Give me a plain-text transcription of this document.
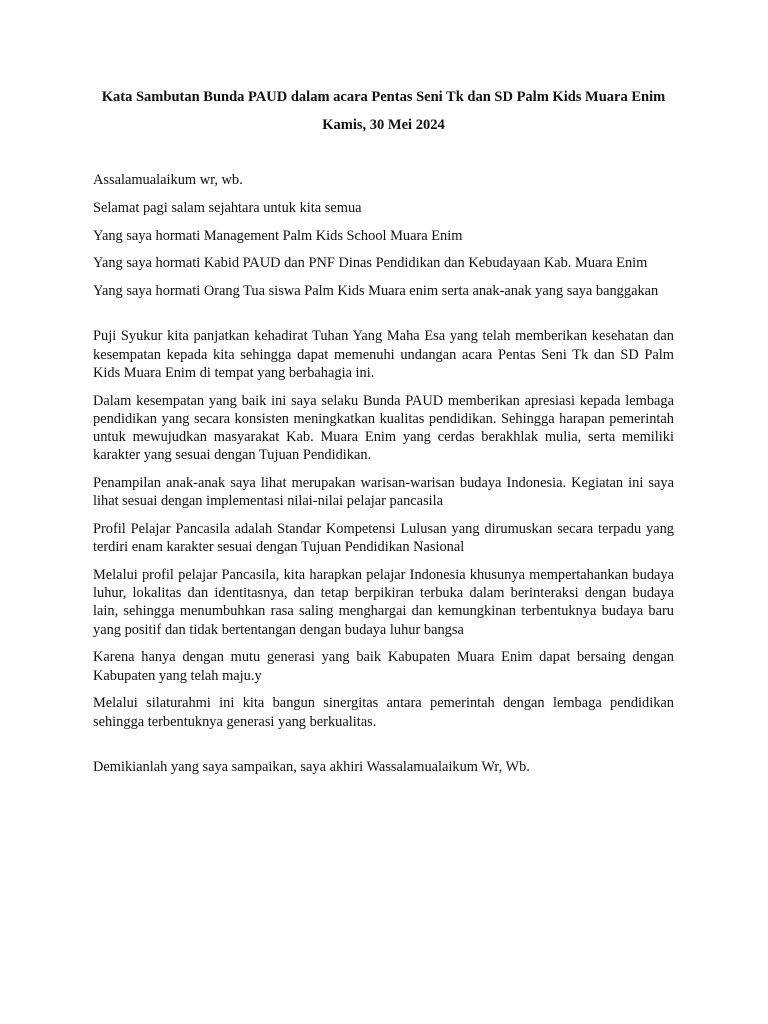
Kata Sambutan Bunda PAUD dalam acara Pentas Seni Tk dan SD Palm Kids Muara Enim

Kamis, 30 Mei 2024

Assalamualaikum wr, wb.

Selamat pagi salam sejahtara untuk kita semua

Yang saya hormati Management Palm Kids School Muara Enim

Yang saya hormati Kabid PAUD dan PNF Dinas Pendidikan dan Kebudayaan Kab. Muara Enim

Yang saya hormati Orang Tua siswa Palm Kids Muara enim serta anak-anak yang saya banggakan

Puji Syukur kita panjatkan kehadirat Tuhan Yang Maha Esa yang telah memberikan kesehatan dan kesempatan kepada kita sehingga dapat memenuhi undangan acara Pentas Seni Tk dan SD Palm Kids Muara Enim di tempat yang berbahagia ini.

Dalam kesempatan yang baik ini saya selaku Bunda PAUD memberikan apresiasi kepada lembaga pendidikan yang secara konsisten meningkatkan kualitas pendidikan. Sehingga harapan pemerintah untuk mewujudkan masyarakat Kab. Muara Enim yang cerdas berakhlak mulia, serta memiliki karakter yang sesuai dengan Tujuan Pendidikan.

Penampilan anak-anak saya lihat merupakan warisan-warisan budaya Indonesia. Kegiatan ini saya lihat sesuai dengan implementasi nilai-nilai pelajar pancasila

Profil Pelajar Pancasila adalah Standar Kompetensi Lulusan yang dirumuskan secara terpadu yang terdiri enam karakter sesuai dengan Tujuan Pendidikan Nasional

Melalui profil pelajar Pancasila, kita harapkan pelajar Indonesia khusunya mempertahankan budaya luhur, lokalitas dan identitasnya, dan tetap berpikiran terbuka dalam berinteraksi dengan budaya lain, sehingga menumbuhkan rasa saling menghargai dan kemungkinan terbentuknya budaya baru yang positif dan tidak bertentangan dengan budaya luhur bangsa

Karena hanya dengan mutu generasi yang baik Kabupaten Muara Enim dapat bersaing dengan Kabupaten yang telah maju.y

Melalui silaturahmi ini kita bangun sinergitas antara pemerintah dengan lembaga pendidikan sehingga terbentuknya generasi yang berkualitas.

Demikianlah yang saya sampaikan, saya akhiri Wassalamualaikum Wr, Wb.
